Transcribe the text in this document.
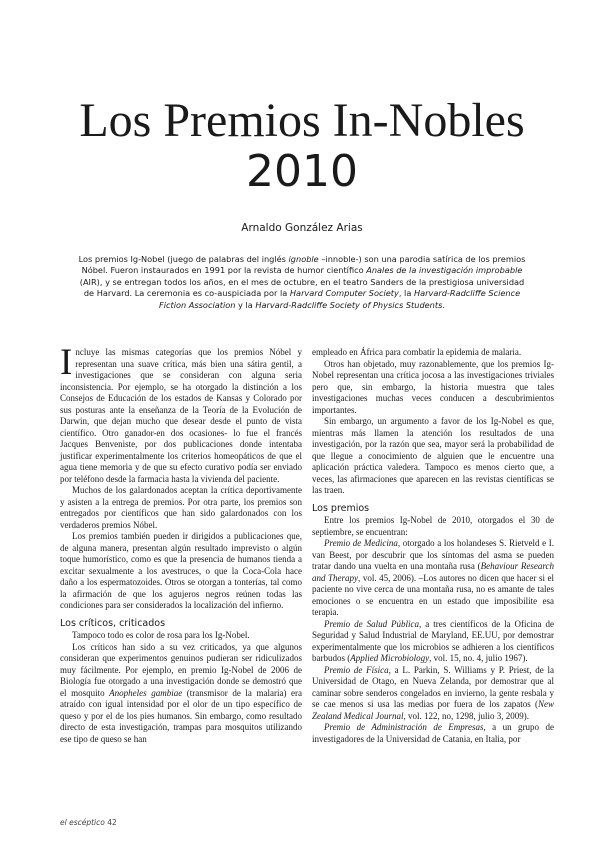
Los Premios In-Nobles
2010
Arnaldo González Arias
Los premios Ig-Nobel (juego de palabras del inglés ignoble –innoble-) son una parodia satírica de los premios Nóbel. Fueron instaurados en 1991 por la revista de humor científico Anales de la investigación improbable (AIR), y se entregan todos los años, en el mes de octubre, en el teatro Sanders de la prestigiosa universidad de Harvard. La ceremonia es co-auspiciada por la Harvard Computer Society, la Harvard-Radcliffe Science Fiction Association y la Harvard-Radcliffe Society of Physics Students.

Incluye las mismas categorías que los premios Nóbel y representan una suave crítica, más bien una sátira gentil, a investigaciones que se consideran con alguna seria inconsistencia. Por ejemplo, se ha otorgado la distinción a los Consejos de Educación de los estados de Kansas y Colorado por sus posturas ante la enseñanza de la Teoría de la Evolución de Darwin, que dejan mucho que desear desde el punto de vista científico. Otro ganador-en dos ocasiones- lo fue el francés Jacques Benveniste, por dos publicaciones donde intentaba justificar experimentalmente los criterios homeopáticos de que el agua tiene memoria y de que su efecto curativo podía ser enviado por teléfono desde la farmacia hasta la vivienda del paciente.

Muchos de los galardonados aceptan la crítica deportivamente y asisten a la entrega de premios. Por otra parte, los premios son entregados por científicos que han sido galardonados con los verdaderos premios Nóbel.

Los premios también pueden ir dirigidos a publicaciones que, de alguna manera, presentan algún resultado imprevisto o algún toque humorístico, como es que la presencia de humanos tienda a excitar sexualmente a los avestruces, o que la Coca-Cola hace daño a los espermatozoides. Otros se otorgan a tonterías, tal como la afirmación de que los agujeros negros reúnen todas las condiciones para ser considerados la localización del infierno.

Los críticos, criticados

Tampoco todo es color de rosa para los Ig-Nobel.

Los críticos han sido a su vez criticados, ya que algunos consideran que experimentos genuinos pudieran ser ridiculizados muy fácilmente. Por ejemplo, en premio Ig-Nobel de 2006 de Biología fue otorgado a una investigación donde se demostró que el mosquito Anopheles gambiae (transmisor de la malaria) era atraído con igual intensidad por el olor de un tipo específico de queso y por el de los pies humanos. Sin embargo, como resultado directo de esta investigación, trampas para mosquitos utilizando ese tipo de queso se han

empleado en África para combatir la epidemia de malaria.

Otros han objetado, muy razonablemente, que los premios Ig-Nobel representan una crítica jocosa a las investigaciones triviales pero que, sin embargo, la historia muestra que tales investigaciones muchas veces conducen a descubrimientos importantes.

Sin embargo, un argumento a favor de los Ig-Nobel es que, mientras más llamen la atención los resultados de una investigación, por la razón que sea, mayor será la probabilidad de que llegue a conocimiento de alguien que le encuentre una aplicación práctica valedera. Tampoco es menos cierto que, a veces, las afirmaciones que aparecen en las revistas científicas se las traen.

Los premios

Entre los premios Ig-Nobel de 2010, otorgados el 30 de septiembre, se encuentran:

Premio de Medicina, otorgado a los holandeses S. Rietveld e I. van Beest, por descubrir que los síntomas del asma se pueden tratar dando una vuelta en una montaña rusa (Behaviour Research and Therapy, vol. 45, 2006). –Los autores no dicen que hacer si el paciente no vive cerca de una montaña rusa, no es amante de tales emociones o se encuentra en un estado que imposibilite esa terapia.

Premio de Salud Pública, a tres científicos de la Oficina de Seguridad y Salud Industrial de Maryland, EE.UU, por demostrar experimentalmente que los microbios se adhieren a los científicos barbudos (Applied Microbiology, vol. 15, no. 4, julio 1967).

Premio de Física, a L. Parkin, S. Williams y P. Priest, de la Universidad de Otago, en Nueva Zelanda, por demostrar que al caminar sobre senderos congelados en invierno, la gente resbala y se cae menos si usa las medias por fuera de los zapatos (New Zealand Medical Journal, vol. 122, no, 1298, julio 3, 2009).

Premio de Administración de Empresas, a un grupo de investigadores de la Universidad de Catania, en Italia, por

el escéptico 42
